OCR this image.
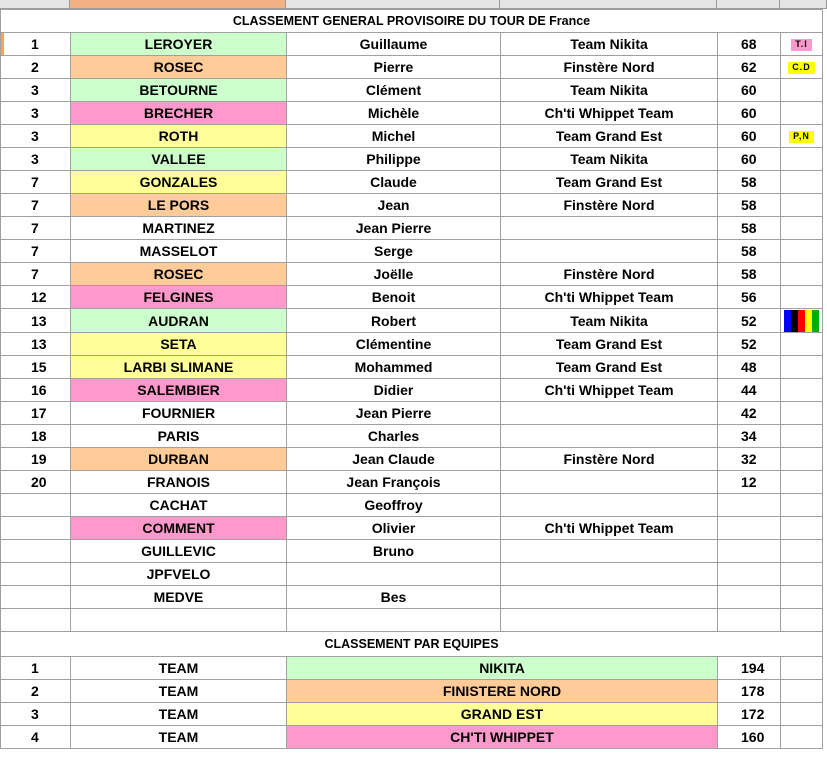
CLASSEMENT GENERAL PROVISOIRE DU TOUR DE France					
1	LEROYER	Guillaume	Team Nikita	68	T.I
2	ROSEC	Pierre	Finstère Nord	62	C.D
3	BETOURNE	Clément	Team Nikita	60	
3	BRECHER	Michèle	Ch'ti Whippet Team	60	
3	ROTH	Michel	Team Grand Est	60	P,N
3	VALLEE	Philippe	Team Nikita	60	
7	GONZALES	Claude	Team Grand Est	58	
7	LE PORS	Jean	Finstère Nord	58	
7	MARTINEZ	Jean Pierre		58	
7	MASSELOT	Serge		58	
7	ROSEC	Joëlle	Finstère Nord	58	
12	FELGINES	Benoit	Ch'ti Whippet Team	56	
13	AUDRAN	Robert	Team Nikita	52	
13	SETA	Clémentine	Team Grand Est	52	
15	LARBI SLIMANE	Mohammed	Team Grand Est	48	
16	SALEMBIER	Didier	Ch'ti Whippet Team	44	
17	FOURNIER	Jean Pierre		42	
18	PARIS	Charles		34	
19	DURBAN	Jean Claude	Finstère Nord	32	
20	FRANOIS	Jean François		12	
	CACHAT	Geoffroy			
	COMMENT	Olivier	Ch'ti Whippet Team		
	GUILLEVIC	Bruno			
	JPFVELO				
	MEDVE	Bes			

CLASSEMENT PAR EQUIPES					
1	TEAM	NIKITA		194	
2	TEAM	FINISTERE NORD		178	
3	TEAM	GRAND EST		172	
4	TEAM	CH'TI WHIPPET		160	
